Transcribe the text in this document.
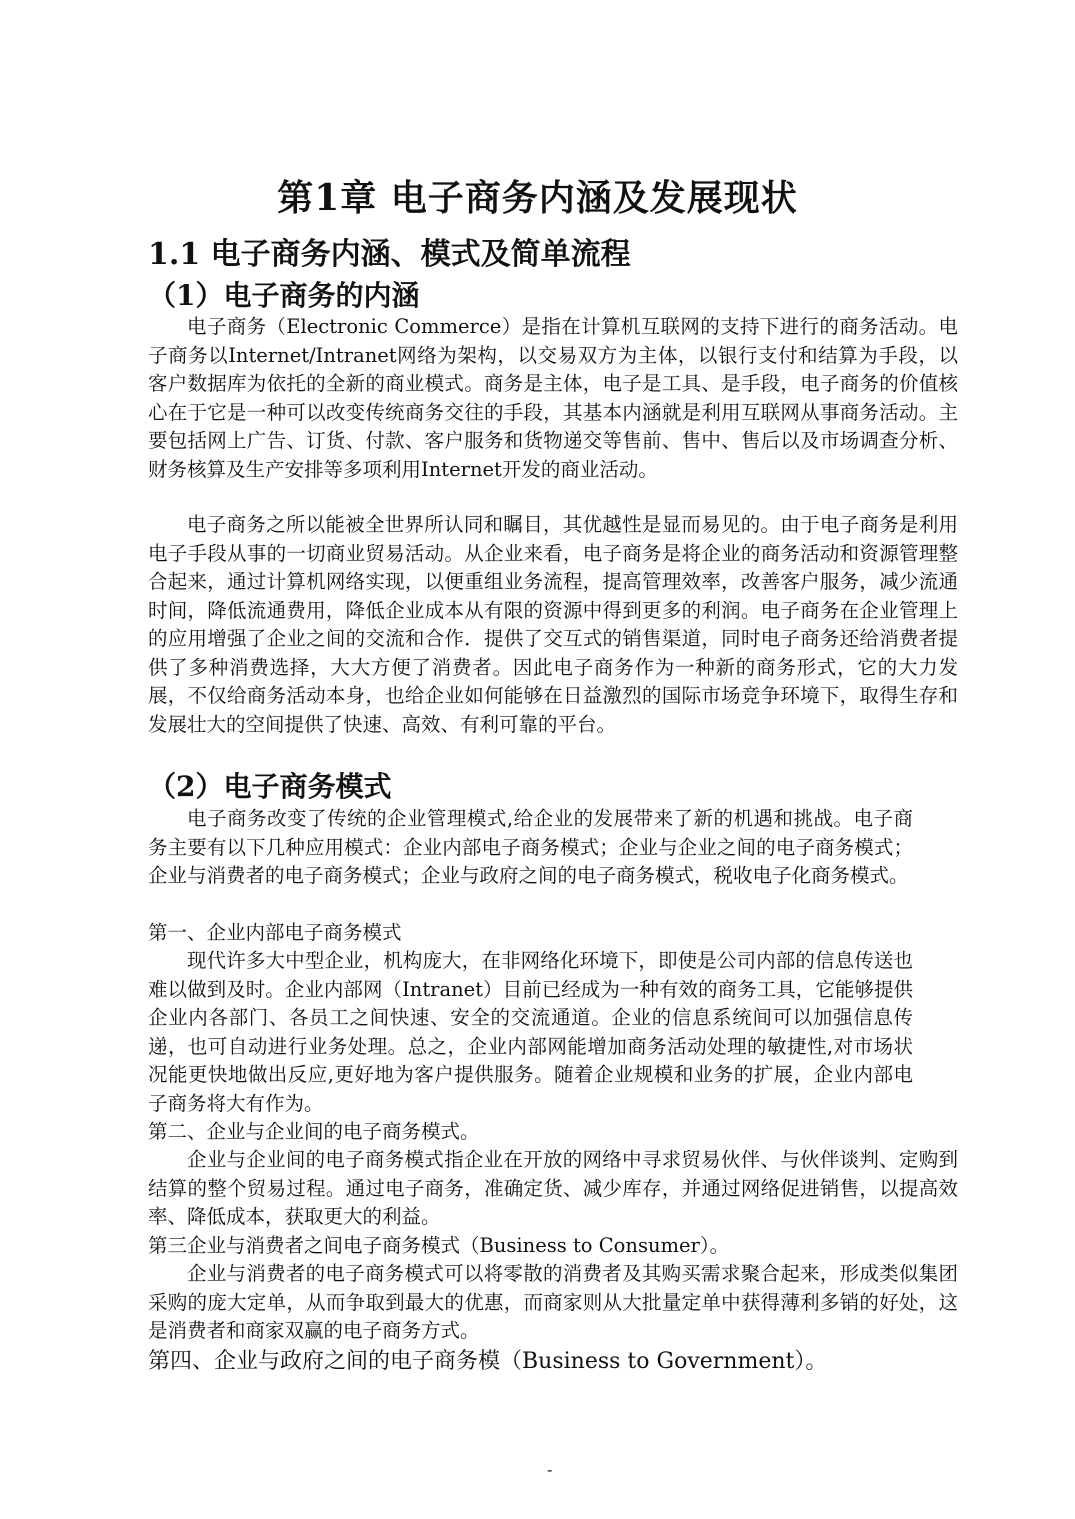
第1章 电子商务内涵及发展现状
1.1 电子商务内涵、模式及简单流程
（1）电子商务的内涵

电子商务（Electronic Commerce）是指在计算机互联网的支持下进行的商务活动。电子商务以Internet/Intranet网络为架构，以交易双方为主体，以银行支付和结算为手段，以客户数据库为依托的全新的商业模式。商务是主体，电子是工具、是手段，电子商务的价值核心在于它是一种可以改变传统商务交往的手段，其基本内涵就是利用互联网从事商务活动。主要包括网上广告、订货、付款、客户服务和货物递交等售前、售中、售后以及市场调查分析、财务核算及生产安排等多项利用Internet开发的商业活动。

电子商务之所以能被全世界所认同和瞩目，其优越性是显而易见的。由于电子商务是利用电子手段从事的一切商业贸易活动。从企业来看，电子商务是将企业的商务活动和资源管理整合起来，通过计算机网络实现，以便重组业务流程，提高管理效率，改善客户服务，减少流通时间，降低流通费用，降低企业成本从有限的资源中得到更多的利润。电子商务在企业管理上的应用增强了企业之间的交流和合作．提供了交互式的销售渠道，同时电子商务还给消费者提供了多种消费选择，大大方便了消费者。因此电子商务作为一种新的商务形式，它的大力发展，不仅给商务活动本身，也给企业如何能够在日益激烈的国际市场竞争环境下，取得生存和发展壮大的空间提供了快速、高效、有利可靠的平台。

（2）电子商务模式

电子商务改变了传统的企业管理模式,给企业的发展带来了新的机遇和挑战。电子商务主要有以下几种应用模式：企业内部电子商务模式；企业与企业之间的电子商务模式；企业与消费者的电子商务模式；企业与政府之间的电子商务模式，税收电子化商务模式。

第一、企业内部电子商务模式

现代许多大中型企业，机构庞大，在非网络化环境下，即使是公司内部的信息传送也难以做到及时。企业内部网（Intranet）目前已经成为一种有效的商务工具，它能够提供企业内各部门、各员工之间快速、安全的交流通道。企业的信息系统间可以加强信息传递，也可自动进行业务处理。总之，企业内部网能增加商务活动处理的敏捷性,对市场状况能更快地做出反应,更好地为客户提供服务。随着企业规模和业务的扩展，企业内部电子商务将大有作为。

第二、企业与企业间的电子商务模式。

企业与企业间的电子商务模式指企业在开放的网络中寻求贸易伙伴、与伙伴谈判、定购到结算的整个贸易过程。通过电子商务，准确定货、减少库存，并通过网络促进销售，以提高效率、降低成本，获取更大的利益。

第三企业与消费者之间电子商务模式（Business to Consumer）。

企业与消费者的电子商务模式可以将零散的消费者及其购买需求聚合起来，形成类似集团采购的庞大定单，从而争取到最大的优惠，而商家则从大批量定单中获得薄利多销的好处，这是消费者和商家双赢的电子商务方式。

第四、企业与政府之间的电子商务模（Business to Government）。

-
